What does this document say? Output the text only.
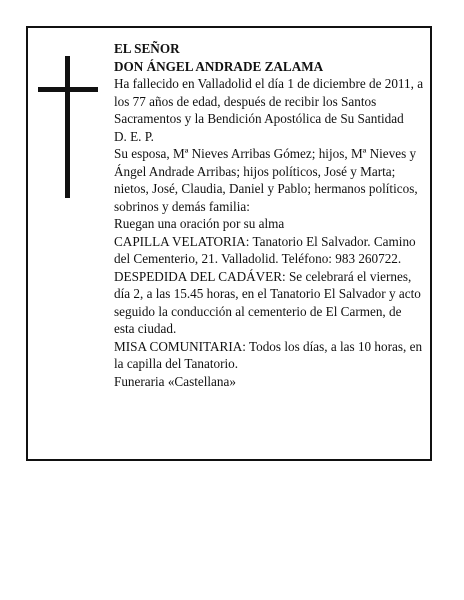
EL SEÑOR

DON ÁNGEL ANDRADE ZALAMA

Ha fallecido en Valladolid el día 1 de diciembre de 2011, a los 77 años de edad, después de recibir los Santos Sacramentos y la Bendición Apostólica de Su Santidad

D. E. P.

Su esposa, Mª Nieves Arribas Gómez; hijos, Mª Nieves y Ángel Andrade Arribas; hijos políticos, José y Marta; nietos, José, Claudia, Daniel y Pablo; hermanos políticos, sobrinos y demás familia:

Ruegan una oración por su alma

CAPILLA VELATORIA: Tanatorio El Salvador. Camino del Cementerio, 21. Valladolid. Teléfono: 983 260722.

DESPEDIDA DEL CADÁVER: Se celebrará el viernes, día 2, a las 15.45 horas, en el Tanatorio El Salvador y acto seguido la conducción al cementerio de El Carmen, de esta ciudad.

MISA COMUNITARIA: Todos los días, a las 10 horas, en la capilla del Tanatorio.

Funeraria «Castellana»
